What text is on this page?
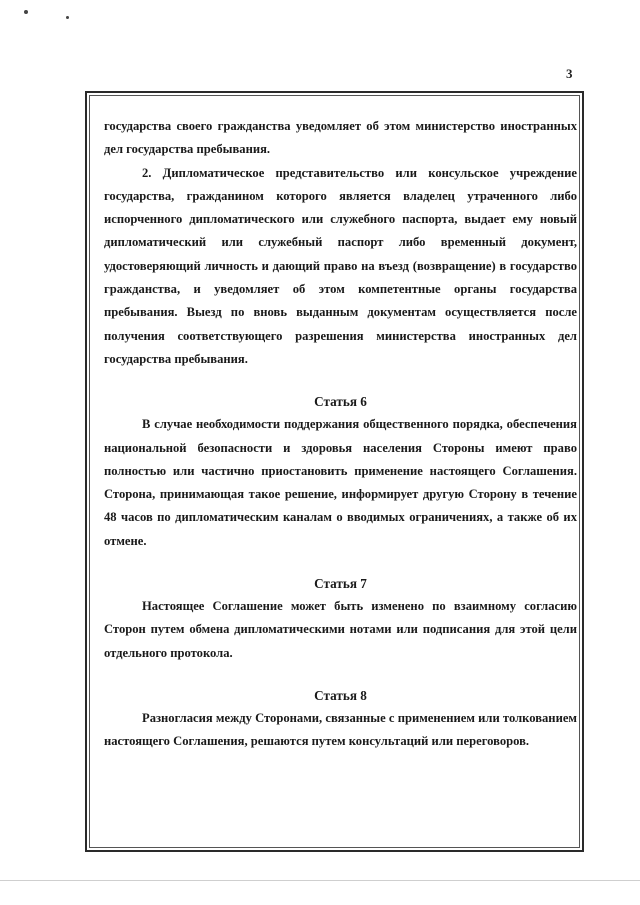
3

государства своего гражданства уведомляет об этом министерство иностранных дел государства пребывания.

2. Дипломатическое представительство или консульское учреждение государства, гражданином которого является владелец утраченного либо испорченного дипломатического или служебного паспорта, выдает ему новый дипломатический или служебный паспорт либо временный документ, удостоверяющий личность и дающий право на въезд (возвращение) в государство гражданства, и уведомляет об этом компетентные органы государства пребывания. Выезд по вновь выданным документам осуществляется после получения соответствующего разрешения министерства иностранных дел государства пребывания.

Статья 6

В случае необходимости поддержания общественного порядка, обеспечения национальной безопасности и здоровья населения Стороны имеют право полностью или частично приостановить применение настоящего Соглашения. Сторона, принимающая такое решение, информирует другую Сторону в течение 48 часов по дипломатическим каналам о вводимых ограничениях, а также об их отмене.

Статья 7

Настоящее Соглашение может быть изменено по взаимному согласию Сторон путем обмена дипломатическими нотами или подписания для этой цели отдельного протокола.

Статья 8

Разногласия между Сторонами, связанные с применением или толкованием настоящего Соглашения, решаются путем консультаций или переговоров.
